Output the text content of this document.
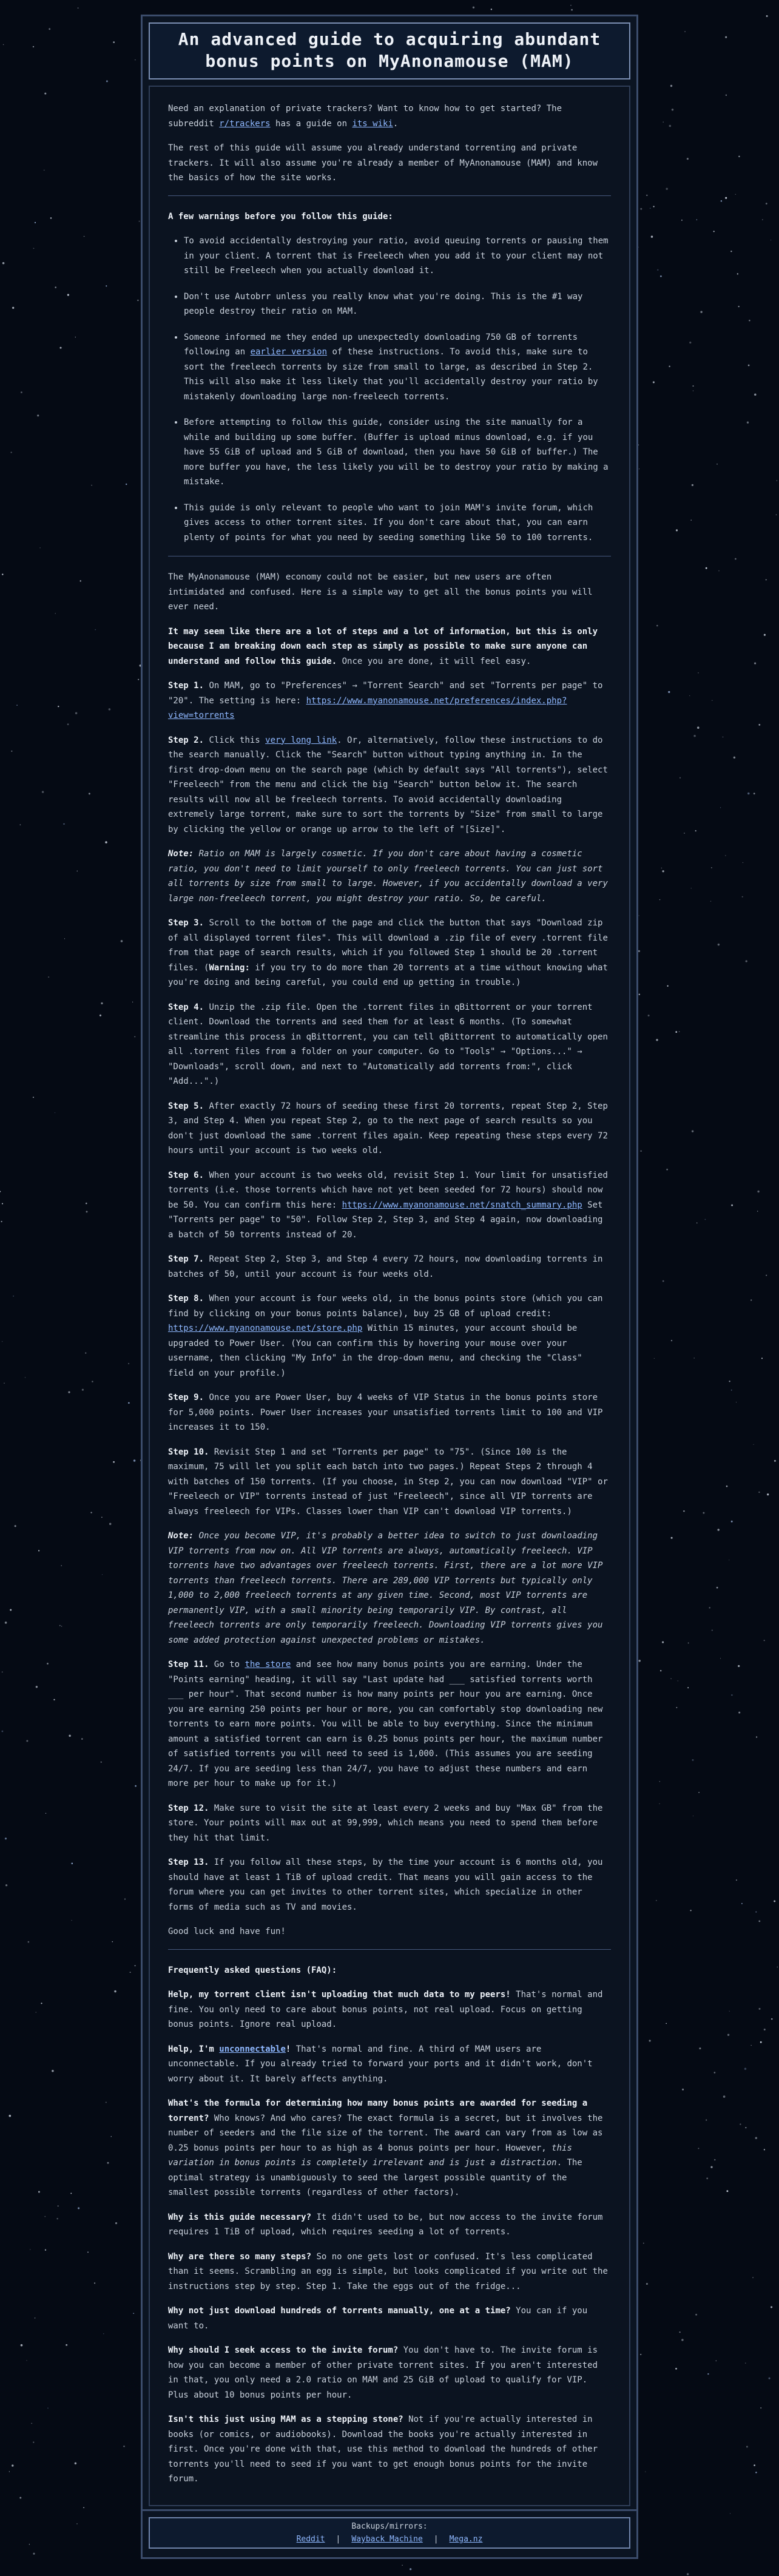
An advanced guide to acquiring abundant bonus points on MyAnonamouse (MAM)

Need an explanation of private trackers? Want to know how to get started? The subreddit r/trackers has a guide on its wiki.

The rest of this guide will assume you already understand torrenting and private trackers. It will also assume you're already a member of MyAnonamouse (MAM) and know the basics of how the site works.

A few warnings before you follow this guide:

• To avoid accidentally destroying your ratio, avoid queuing torrents or pausing them in your client. A torrent that is Freeleech when you add it to your client may not still be Freeleech when you actually download it.
• Don't use Autobrr unless you really know what you're doing. This is the #1 way people destroy their ratio on MAM.
• Someone informed me they ended up unexpectedly downloading 750 GB of torrents following an earlier version of these instructions. To avoid this, make sure to sort the freeleech torrents by size from small to large, as described in Step 2. This will also make it less likely that you'll accidentally destroy your ratio by mistakenly downloading large non-freeleech torrents.
• Before attempting to follow this guide, consider using the site manually for a while and building up some buffer. (Buffer is upload minus download, e.g. if you have 55 GiB of upload and 5 GiB of download, then you have 50 GiB of buffer.) The more buffer you have, the less likely you will be to destroy your ratio by making a mistake.
• This guide is only relevant to people who want to join MAM's invite forum, which gives access to other torrent sites. If you don't care about that, you can earn plenty of points for what you need by seeding something like 50 to 100 torrents.

The MyAnonamouse (MAM) economy could not be easier, but new users are often intimidated and confused. Here is a simple way to get all the bonus points you will ever need.

It may seem like there are a lot of steps and a lot of information, but this is only because I am breaking down each step as simply as possible to make sure anyone can understand and follow this guide. Once you are done, it will feel easy.

Step 1. On MAM, go to "Preferences" → "Torrent Search" and set "Torrents per page" to "20". The setting is here: https://www.myanonamouse.net/preferences/index.php?view=torrents

Step 2. Click this very long link. Or, alternatively, follow these instructions to do the search manually. Click the "Search" button without typing anything in. In the first drop-down menu on the search page (which by default says "All torrents"), select "Freeleech" from the menu and click the big "Search" button below it. The search results will now all be freeleech torrents. To avoid accidentally downloading extremely large torrent, make sure to sort the torrents by "Size" from small to large by clicking the yellow or orange up arrow to the left of "[Size]".

Note: Ratio on MAM is largely cosmetic. If you don't care about having a cosmetic ratio, you don't need to limit yourself to only freeleech torrents. You can just sort all torrents by size from small to large. However, if you accidentally download a very large non-freeleech torrent, you might destroy your ratio. So, be careful.

Step 3. Scroll to the bottom of the page and click the button that says "Download zip of all displayed torrent files". This will download a .zip file of every .torrent file from that page of search results, which if you followed Step 1 should be 20 .torrent files. (Warning: if you try to do more than 20 torrents at a time without knowing what you're doing and being careful, you could end up getting in trouble.)

Step 4. Unzip the .zip file. Open the .torrent files in qBittorrent or your torrent client. Download the torrents and seed them for at least 6 months. (To somewhat streamline this process in qBittorrent, you can tell qBittorrent to automatically open all .torrent files from a folder on your computer. Go to "Tools" → "Options..." → "Downloads", scroll down, and next to "Automatically add torrents from:", click "Add...".)

Step 5. After exactly 72 hours of seeding these first 20 torrents, repeat Step 2, Step 3, and Step 4. When you repeat Step 2, go to the next page of search results so you don't just download the same .torrent files again. Keep repeating these steps every 72 hours until your account is two weeks old.

Step 6. When your account is two weeks old, revisit Step 1. Your limit for unsatisfied torrents (i.e. those torrents which have not yet been seeded for 72 hours) should now be 50. You can confirm this here: https://www.myanonamouse.net/snatch_summary.php Set "Torrents per page" to "50". Follow Step 2, Step 3, and Step 4 again, now downloading a batch of 50 torrents instead of 20.

Step 7. Repeat Step 2, Step 3, and Step 4 every 72 hours, now downloading torrents in batches of 50, until your account is four weeks old.

Step 8. When your account is four weeks old, in the bonus points store (which you can find by clicking on your bonus points balance), buy 25 GB of upload credit: https://www.myanonamouse.net/store.php Within 15 minutes, your account should be upgraded to Power User. (You can confirm this by hovering your mouse over your username, then clicking "My Info" in the drop-down menu, and checking the "Class" field on your profile.)

Step 9. Once you are Power User, buy 4 weeks of VIP Status in the bonus points store for 5,000 points. Power User increases your unsatisfied torrents limit to 100 and VIP increases it to 150.

Step 10. Revisit Step 1 and set "Torrents per page" to "75". (Since 100 is the maximum, 75 will let you split each batch into two pages.) Repeat Steps 2 through 4 with batches of 150 torrents. (If you choose, in Step 2, you can now download "VIP" or "Freeleech or VIP" torrents instead of just "Freeleech", since all VIP torrents are always freeleech for VIPs. Classes lower than VIP can't download VIP torrents.)

Note: Once you become VIP, it's probably a better idea to switch to just downloading VIP torrents from now on. All VIP torrents are always, automatically freeleech. VIP torrents have two advantages over freeleech torrents. First, there are a lot more VIP torrents than freeleech torrents. There are 289,000 VIP torrents but typically only 1,000 to 2,000 freeleech torrents at any given time. Second, most VIP torrents are permanently VIP, with a small minority being temporarily VIP. By contrast, all freeleech torrents are only temporarily freeleech. Downloading VIP torrents gives you some added protection against unexpected problems or mistakes.

Step 11. Go to the store and see how many bonus points you are earning. Under the "Points earning" heading, it will say "Last update had ___ satisfied torrents worth ___ per hour". That second number is how many points per hour you are earning. Once you are earning 250 points per hour or more, you can comfortably stop downloading new torrents to earn more points. You will be able to buy everything. Since the minimum amount a satisfied torrent can earn is 0.25 bonus points per hour, the maximum number of satisfied torrents you will need to seed is 1,000. (This assumes you are seeding 24/7. If you are seeding less than 24/7, you have to adjust these numbers and earn more per hour to make up for it.)

Step 12. Make sure to visit the site at least every 2 weeks and buy "Max GB" from the store. Your points will max out at 99,999, which means you need to spend them before they hit that limit.

Step 13. If you follow all these steps, by the time your account is 6 months old, you should have at least 1 TiB of upload credit. That means you will gain access to the forum where you can get invites to other torrent sites, which specialize in other forms of media such as TV and movies.

Good luck and have fun!

Frequently asked questions (FAQ):

Help, my torrent client isn't uploading that much data to my peers! That's normal and fine. You only need to care about bonus points, not real upload. Focus on getting bonus points. Ignore real upload.

Help, I'm unconnectable! That's normal and fine. A third of MAM users are unconnectable. If you already tried to forward your ports and it didn't work, don't worry about it. It barely affects anything.

What's the formula for determining how many bonus points are awarded for seeding a torrent? Who knows? And who cares? The exact formula is a secret, but it involves the number of seeders and the file size of the torrent. The award can vary from as low as 0.25 bonus points per hour to as high as 4 bonus points per hour. However, this variation in bonus points is completely irrelevant and is just a distraction. The optimal strategy is unambiguously to seed the largest possible quantity of the smallest possible torrents (regardless of other factors).

Why is this guide necessary? It didn't used to be, but now access to the invite forum requires 1 TiB of upload, which requires seeding a lot of torrents.

Why are there so many steps? So no one gets lost or confused. It's less complicated than it seems. Scrambling an egg is simple, but looks complicated if you write out the instructions step by step. Step 1. Take the eggs out of the fridge...

Why not just download hundreds of torrents manually, one at a time? You can if you want to.

Why should I seek access to the invite forum? You don't have to. The invite forum is how you can become a member of other private torrent sites. If you aren't interested in that, you only need a 2.0 ratio on MAM and 25 GiB of upload to qualify for VIP. Plus about 10 bonus points per hour.

Isn't this just using MAM as a stepping stone? Not if you're actually interested in books (or comics, or audiobooks). Download the books you're actually interested in first. Once you're done with that, use this method to download the hundreds of other torrents you'll need to seed if you want to get enough bonus points for the invite forum.

Backups/mirrors:
Reddit | Wayback Machine | Mega.nz
